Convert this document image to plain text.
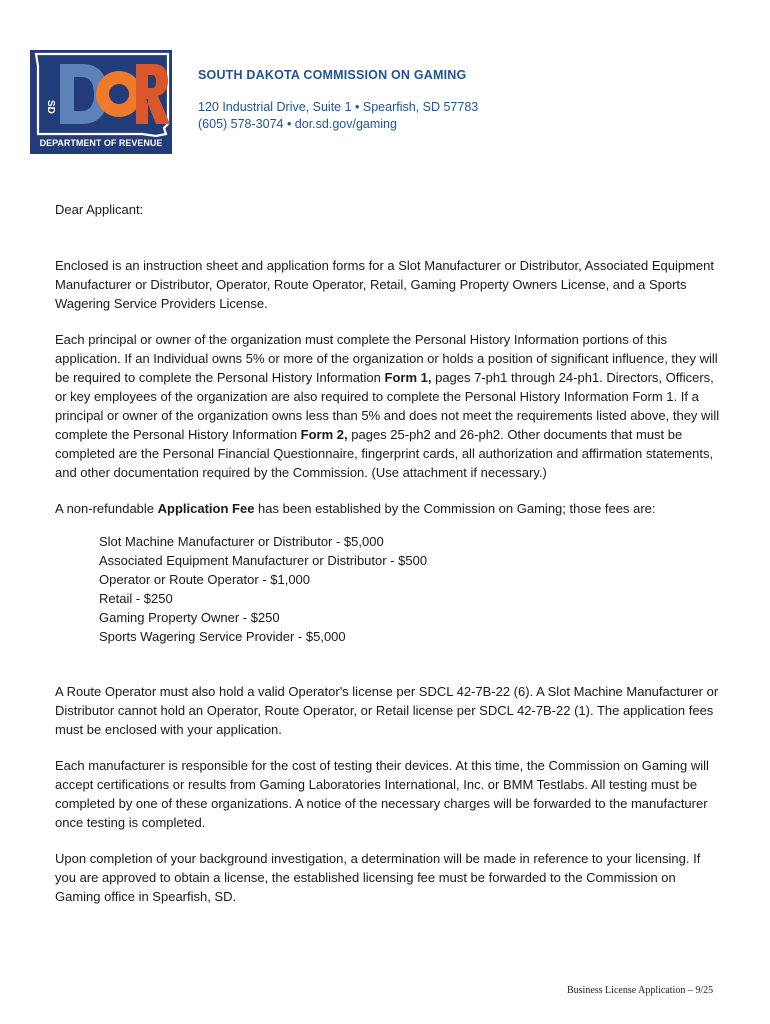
SD
DEPARTMENT OF REVENUE
SOUTH DAKOTA COMMISSION ON GAMING
120 Industrial Drive, Suite 1 • Spearfish, SD 57783
(605) 578-3074 • dor.sd.gov/gaming

Dear Applicant:

Enclosed is an instruction sheet and application forms for a Slot Manufacturer or Distributor, Associated Equipment Manufacturer or Distributor, Operator, Route Operator, Retail, Gaming Property Owners License, and a Sports Wagering Service Providers License.

Each principal or owner of the organization must complete the Personal History Information portions of this application. If an Individual owns 5% or more of the organization or holds a position of significant influence, they will be required to complete the Personal History Information Form 1, pages 7-ph1 through 24-ph1. Directors, Officers, or key employees of the organization are also required to complete the Personal History Information Form 1. If a principal or owner of the organization owns less than 5% and does not meet the requirements listed above, they will complete the Personal History Information Form 2, pages 25-ph2 and 26-ph2. Other documents that must be completed are the Personal Financial Questionnaire, fingerprint cards, all authorization and affirmation statements, and other documentation required by the Commission. (Use attachment if necessary.)

A non-refundable Application Fee has been established by the Commission on Gaming; those fees are:

Slot Machine Manufacturer or Distributor - $5,000
Associated Equipment Manufacturer or Distributor - $500
Operator or Route Operator - $1,000
Retail - $250
Gaming Property Owner - $250
Sports Wagering Service Provider - $5,000

A Route Operator must also hold a valid Operator's license per SDCL 42-7B-22 (6). A Slot Machine Manufacturer or Distributor cannot hold an Operator, Route Operator, or Retail license per SDCL 42-7B-22 (1). The application fees must be enclosed with your application.

Each manufacturer is responsible for the cost of testing their devices. At this time, the Commission on Gaming will accept certifications or results from Gaming Laboratories International, Inc. or BMM Testlabs. All testing must be completed by one of these organizations. A notice of the necessary charges will be forwarded to the manufacturer once testing is completed.

Upon completion of your background investigation, a determination will be made in reference to your licensing. If you are approved to obtain a license, the established licensing fee must be forwarded to the Commission on Gaming office in Spearfish, SD.

Business License Application – 9/25
